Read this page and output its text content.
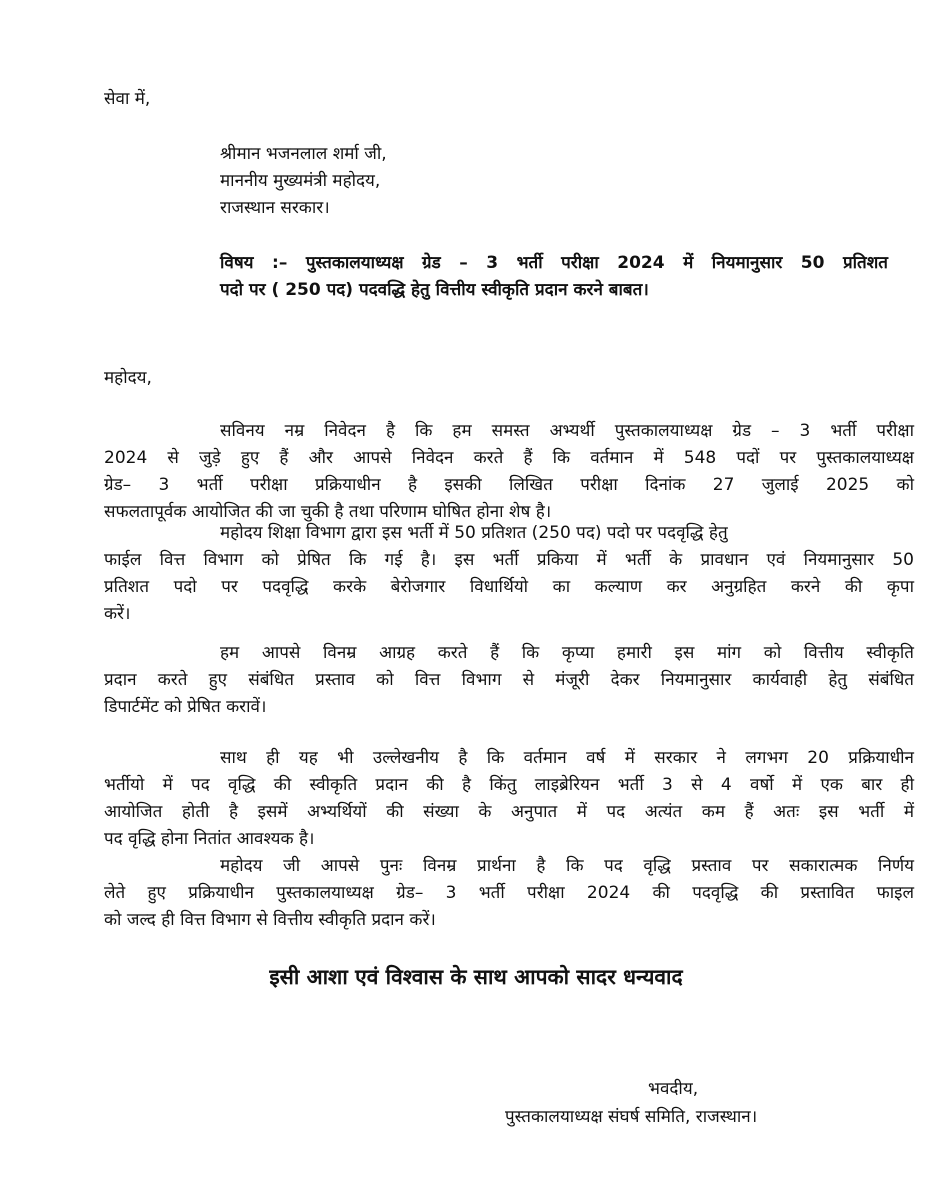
सेवा में,
श्रीमान भजनलाल शर्मा जी,
माननीय मुख्यमंत्री महोदय,
राजस्थान सरकार।
विषय :– पुस्तकालयाध्यक्ष ग्रेड – 3 भर्ती परीक्षा 2024 में नियमानुसार 50 प्रतिशत
पदो पर ( 250 पद) पदवद्धि हेतु वित्तीय स्वीकृति प्रदान करने बाबत।
महोदय,
सविनय नम्र निवेदन है कि हम समस्त अभ्यर्थी पुस्तकालयाध्यक्ष ग्रेड – 3 भर्ती परीक्षा
2024 से जुड़े हुए हैं और आपसे निवेदन करते हैं कि वर्तमान में 548 पदों पर पुस्तकालयाध्यक्ष
ग्रेड– 3 भर्ती परीक्षा प्रक्रियाधीन है इसकी लिखित परीक्षा दिनांक 27 जुलाई 2025 को
सफलतापूर्वक आयोजित की जा चुकी है तथा परिणाम घोषित होना शेष है।
महोदय शिक्षा विभाग द्वारा इस भर्ती में 50 प्रतिशत (250 पद) पदो पर पदवृद्धि हेतु
फाईल वित्त विभाग को प्रेषित कि गई है। इस भर्ती प्रकिया में भर्ती के प्रावधान एवं नियमानुसार 50
प्रतिशत पदो पर पदवृद्धि करके बेरोजगार विधार्थियो का कल्याण कर अनुग्रहित करने की कृपा
करें।
हम आपसे विनम्र आग्रह करते हैं कि कृप्या हमारी इस मांग को वित्तीय स्वीकृति
प्रदान करते हुए संबंधित प्रस्ताव को वित्त विभाग से मंजूरी देकर नियमानुसार कार्यवाही हेतु संबंधित
डिपार्टमेंट को प्रेषित करावें।
साथ ही यह भी उल्लेखनीय है कि वर्तमान वर्ष में सरकार ने लगभग 20 प्रक्रियाधीन
भर्तीयो में पद वृद्धि की स्वीकृति प्रदान की है किंतु लाइब्रेरियन भर्ती 3 से 4 वर्षो में एक बार ही
आयोजित होती है इसमें अभ्यर्थियों की संख्या के अनुपात में पद अत्यंत कम हैं अतः इस भर्ती में
पद वृद्धि होना नितांत आवश्यक है।
महोदय जी आपसे पुनः विनम्र प्रार्थना है कि पद वृद्धि प्रस्ताव पर सकारात्मक निर्णय
लेते हुए प्रक्रियाधीन पुस्तकालयाध्यक्ष ग्रेड– 3 भर्ती परीक्षा 2024 की पदवृद्धि की प्रस्तावित फाइल
को जल्द ही वित्त विभाग से वित्तीय स्वीकृति प्रदान करें।
इसी आशा एवं विश्वास के साथ आपको सादर धन्यवाद
भवदीय,
पुस्तकालयाध्यक्ष संघर्ष समिति, राजस्थान।
